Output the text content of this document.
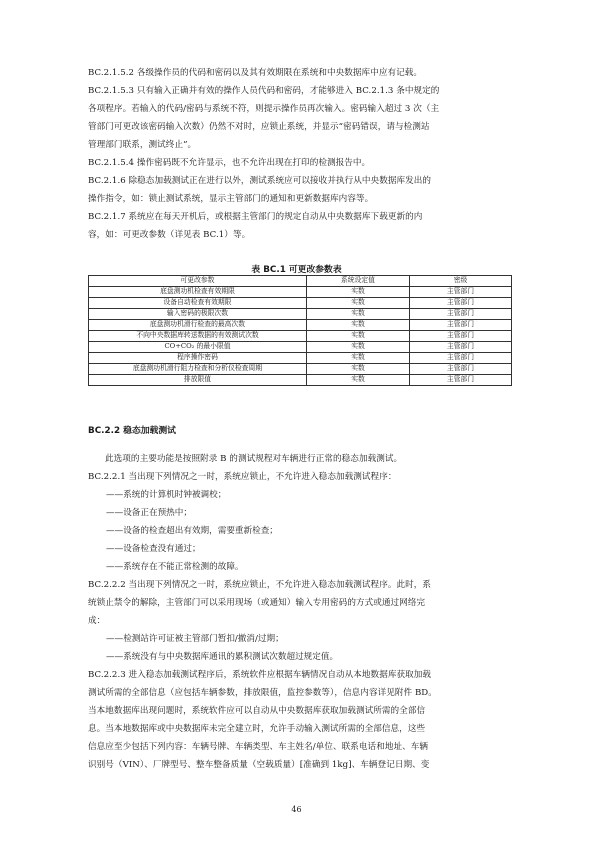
BC.2.1.5.2 各级操作员的代码和密码以及其有效期限在系统和中央数据库中应有记载。
BC.2.1.5.3 只有输入正确并有效的操作人员代码和密码，才能够进入 BC.2.1.3 条中规定的
各项程序。若输入的代码/密码与系统不符，则提示操作员再次输入。密码输入超过 3 次（主
管部门可更改该密码输入次数）仍然不对时，应锁止系统，并显示“密码错误，请与检测站
管理部门联系，测试终止”。
BC.2.1.5.4 操作密码既不允许显示，也不允许出现在打印的检测报告中。
BC.2.1.6 除稳态加载测试正在进行以外，测试系统应可以接收并执行从中央数据库发出的
操作指令，如：锁止测试系统，显示主管部门的通知和更新数据库内容等。
BC.2.1.7 系统应在每天开机后，或根据主管部门的规定自动从中央数据库下载更新的内
容，如：可更改参数（详见表 BC.1）等。
表 BC.1 可更改参数表
可更改参数	系统设定值	密级
底盘测功机检查有效期限	实数	主管部门
设备自动检查有效期限	实数	主管部门
输入密码的极限次数	实数	主管部门
底盘测功机滑行检查的最高次数	实数	主管部门
不向中央数据库转送数据的有效测试次数	实数	主管部门
CO+CO₂ 的最小限值	实数	主管部门
程序操作密码	实数	主管部门
底盘测功机滑行阻力检查和分析仪检查周期	实数	主管部门
排放限值	实数	主管部门
BC.2.2 稳态加载测试
此选项的主要功能是按照附录 B 的测试规程对车辆进行正常的稳态加载测试。
BC.2.2.1 当出现下列情况之一时，系统应锁止，不允许进入稳态加载测试程序：

——系统的计算机时钟被调校；

——设备正在预热中；

——设备的检查超出有效期，需要重新检查；

——设备检查没有通过；

——系统存在不能正常检测的故障。

BC.2.2.2 当出现下列情况之一时，系统应锁止，不允许进入稳态加载测试程序。此时，系
统锁止禁令的解除，主管部门可以采用现场（或通知）输入专用密码的方式或通过网络完
成：

——检测站许可证被主管部门暂扣/撤消/过期；

——系统没有与中央数据库通讯的累积测试次数超过规定值。

BC.2.2.3 进入稳态加载测试程序后，系统软件应根据车辆情况自动从本地数据库获取加载
测试所需的全部信息（应包括车辆参数，排放限值，监控参数等），信息内容详见附件 BD。
当本地数据库出现问题时，系统软件应可以自动从中央数据库获取加载测试所需的全部信
息。当本地数据库或中央数据库未完全建立时，允许手动输入测试所需的全部信息，这些
信息应至少包括下列内容：车辆号牌、车辆类型、车主姓名/单位、联系电话和地址、车辆
识别号（VIN）、厂牌型号、整车整备质量（空载质量）[准确到 1kg]、车辆登记日期、变
46
